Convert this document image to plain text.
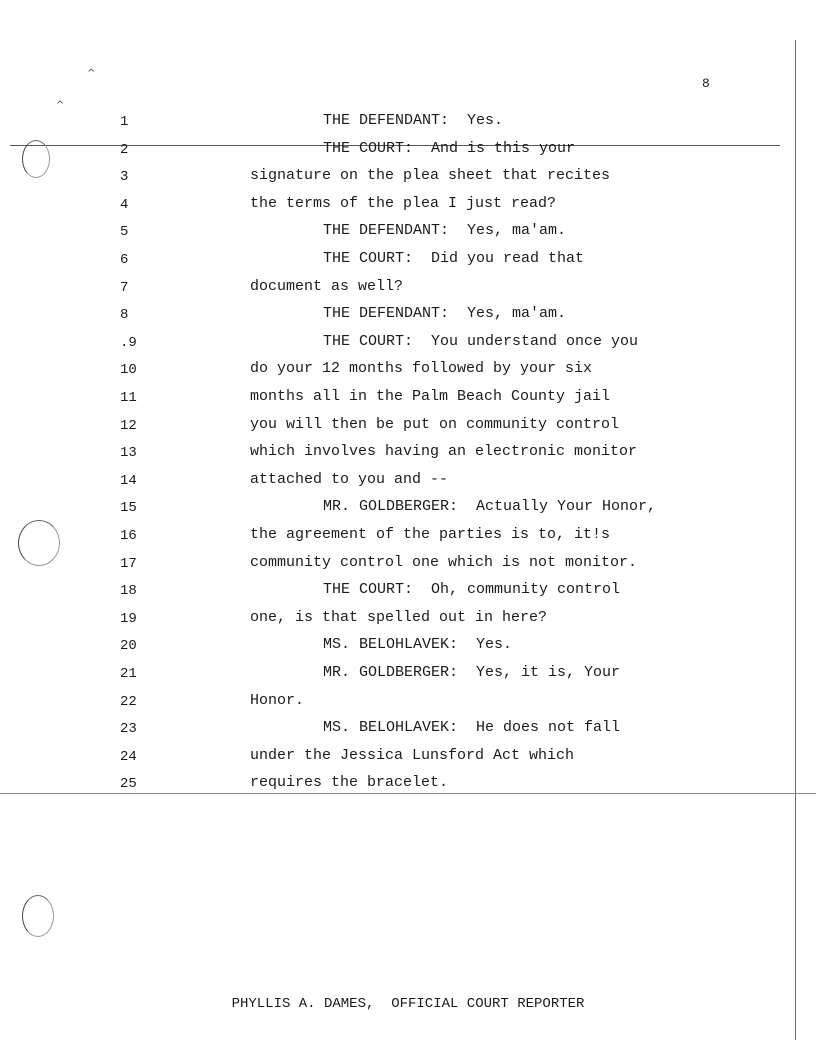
8
^
^
1	THE DEFENDANT:  Yes.
2	THE COURT:  And is this your
3	signature on the plea sheet that recites
4	the terms of the plea I just read?
5	THE DEFENDANT:  Yes, ma'am.
6	THE COURT:  Did you read that
7	document as well?
8	THE DEFENDANT:  Yes, ma'am.
.9	THE COURT:  You understand once you
10	do your 12 months followed by your six
11	months all in the Palm Beach County jail
12	you will then be put on community control
13	which involves having an electronic monitor
14	attached to you and --
15	MR. GOLDBERGER:  Actually Your Honor,
16	the agreement of the parties is to, it!s
17	community control one which is not monitor.
18	THE COURT:  Oh, community control
19	one, is that spelled out in here?
20	MS. BELOHLAVEK:  Yes.
21	MR. GOLDBERGER:  Yes, it is, Your
22	Honor.
23	MS. BELOHLAVEK:  He does not fall
24	under the Jessica Lunsford Act which
25	requires the bracelet.
PHYLLIS A. DAMES,  OFFICIAL COURT REPORTER
